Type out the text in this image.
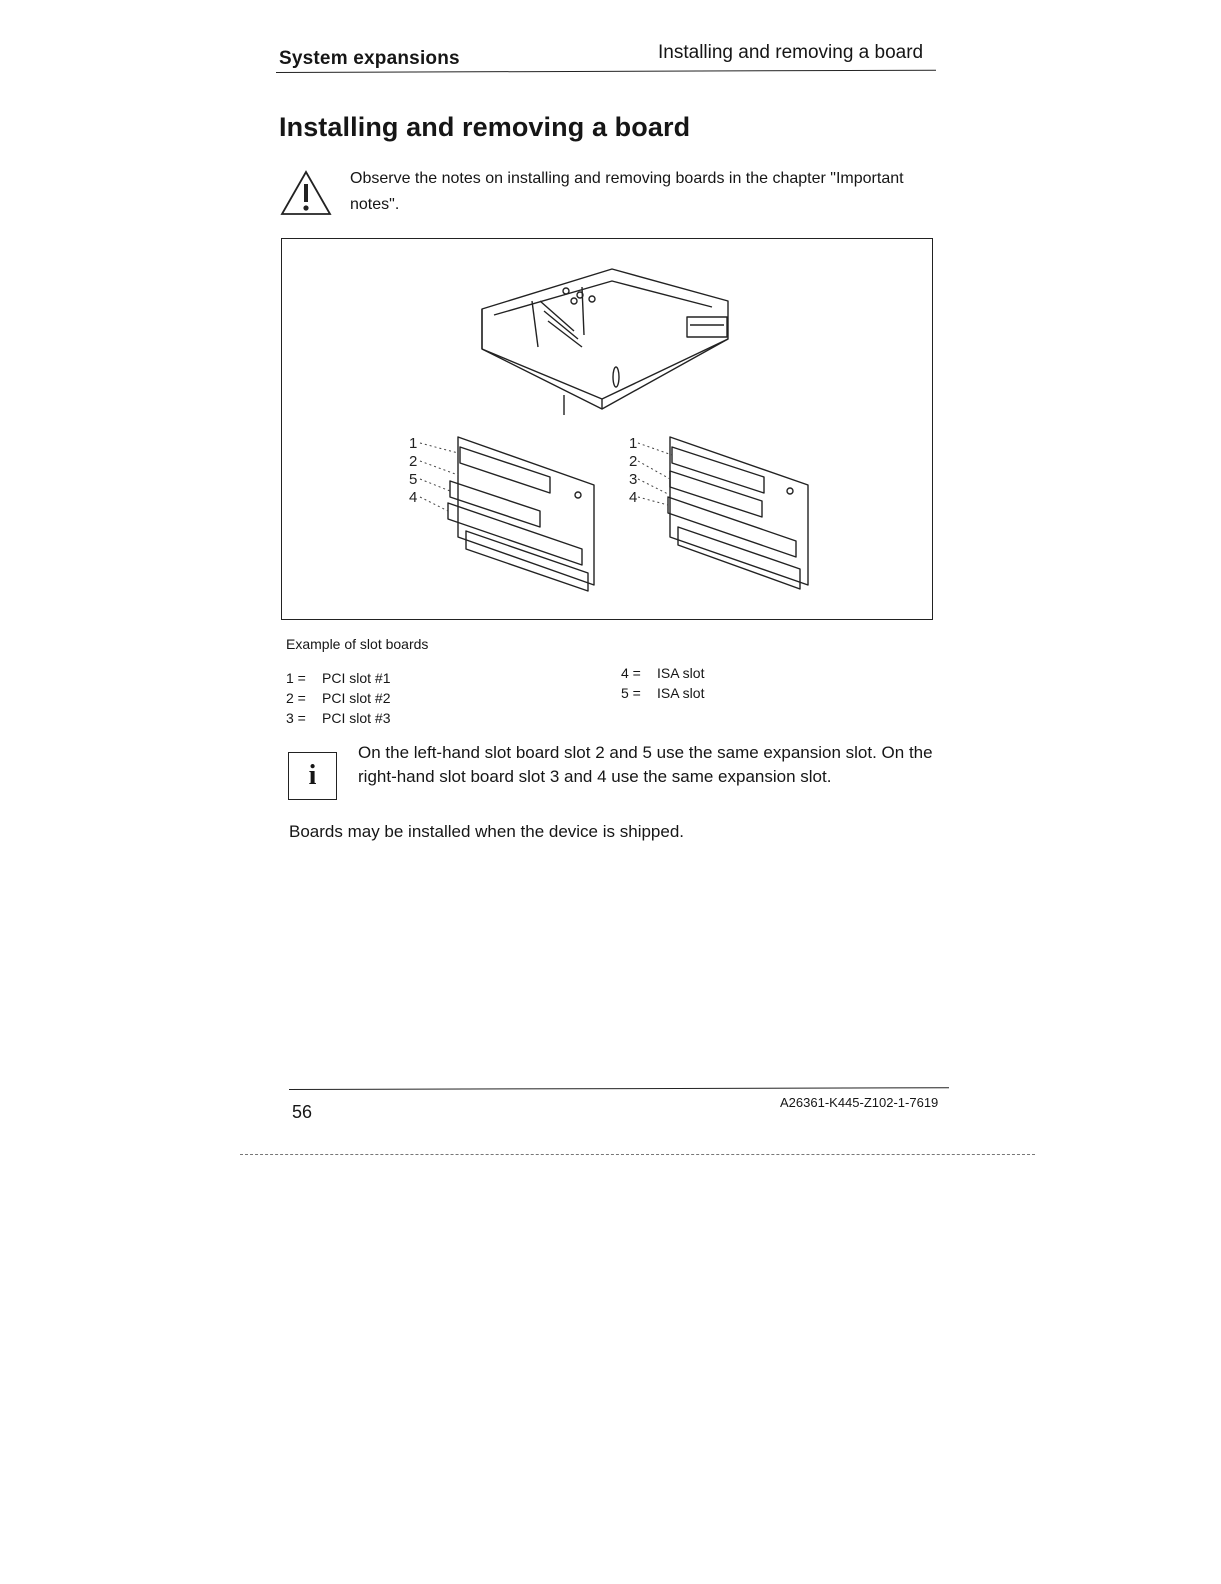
System expansions	Installing and removing a board
Installing and removing a board
Observe the notes on installing and removing boards in the chapter "Important notes".
1
2
5
4
1
2
3
4
Example of slot boards
1 = PCI slot #1
2 = PCI slot #2
3 = PCI slot #3
4 = ISA slot
5 = ISA slot
i
On the left-hand slot board slot 2 and 5 use the same expansion slot. On the right-hand slot board slot 3 and 4 use the same expansion slot.
Boards may be installed when the device is shipped.
56	A26361-K445-Z102-1-7619
